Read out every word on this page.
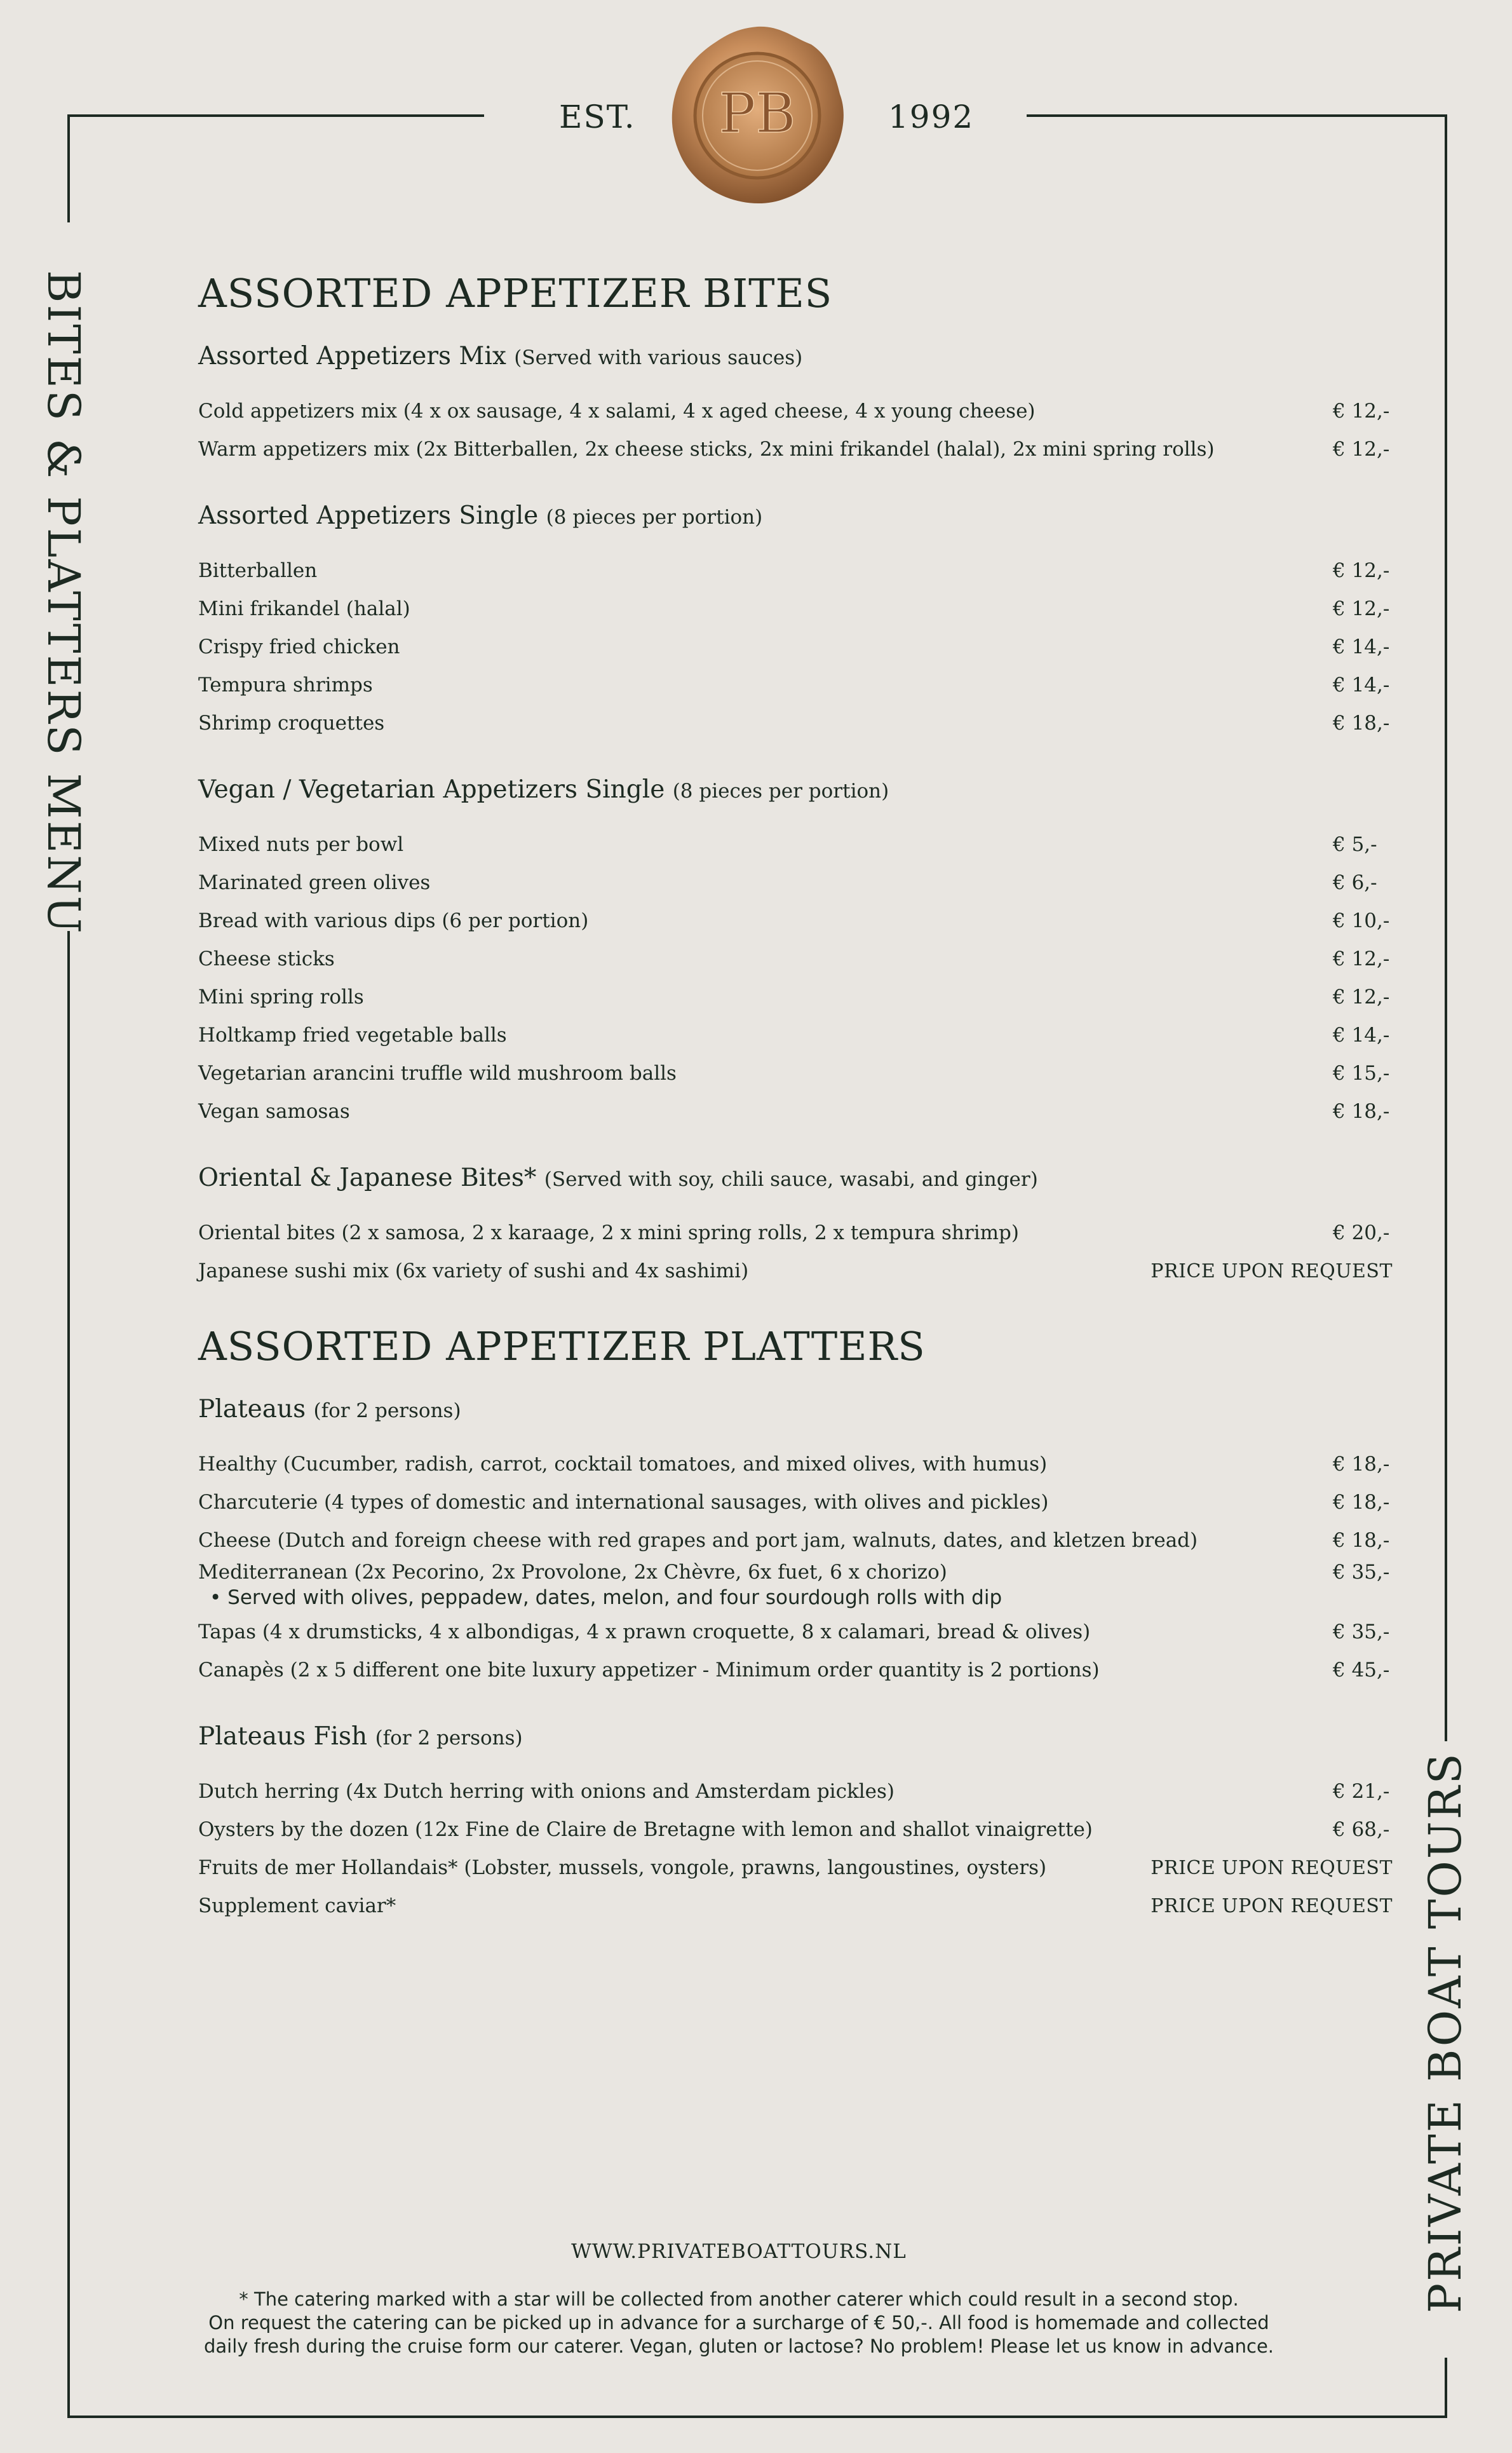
EST.	1992
PB
BITES & PLATTERS MENU
PRIVATE BOAT TOURS
ASSORTED APPETIZER BITES
Assorted Appetizers Mix (Served with various sauces)
Cold appetizers mix (4 x ox sausage, 4 x salami, 4 x aged cheese, 4 x young cheese)	€ 12,-
Warm appetizers mix (2x Bitterballen, 2x cheese sticks, 2x mini frikandel (halal), 2x mini spring rolls)	€ 12,-
Assorted Appetizers Single (8 pieces per portion)
Bitterballen	€ 12,-
Mini frikandel (halal)	€ 12,-
Crispy fried chicken	€ 14,-
Tempura shrimps	€ 14,-
Shrimp croquettes	€ 18,-
Vegan / Vegetarian Appetizers Single (8 pieces per portion)
Mixed nuts per bowl	€ 5,-
Marinated green olives	€ 6,-
Bread with various dips (6 per portion)	€ 10,-
Cheese sticks	€ 12,-
Mini spring rolls	€ 12,-
Holtkamp fried vegetable balls	€ 14,-
Vegetarian arancini truffle wild mushroom balls	€ 15,-
Vegan samosas	€ 18,-
Oriental & Japanese Bites* (Served with soy, chili sauce, wasabi, and ginger)
Oriental bites (2 x samosa, 2 x karaage, 2 x mini spring rolls, 2 x tempura shrimp)	€ 20,-
Japanese sushi mix (6x variety of sushi and 4x sashimi)	PRICE UPON REQUEST
ASSORTED APPETIZER PLATTERS
Plateaus (for 2 persons)
Healthy (Cucumber, radish, carrot, cocktail tomatoes, and mixed olives, with humus)	€ 18,-
Charcuterie (4 types of domestic and international sausages, with olives and pickles)	€ 18,-
Cheese (Dutch and foreign cheese with red grapes and port jam, walnuts, dates, and kletzen bread)	€ 18,-
Mediterranean (2x Pecorino, 2x Provolone, 2x Chèvre, 6x fuet, 6 x chorizo)	€ 35,-
• Served with olives, peppadew, dates, melon, and four sourdough rolls with dip
Tapas (4 x drumsticks, 4 x albondigas, 4 x prawn croquette, 8 x calamari, bread & olives)	€ 35,-
Canapès (2 x 5 different one bite luxury appetizer - Minimum order quantity is 2 portions)	€ 45,-
Plateaus Fish (for 2 persons)
Dutch herring (4x Dutch herring with onions and Amsterdam pickles)	€ 21,-
Oysters by the dozen (12x Fine de Claire de Bretagne with lemon and shallot vinaigrette)	€ 68,-
Fruits de mer Hollandais* (Lobster, mussels, vongole, prawns, langoustines, oysters)	PRICE UPON REQUEST
Supplement caviar*	PRICE UPON REQUEST
WWW.PRIVATEBOATTOURS.NL
* The catering marked with a star will be collected from another caterer which could result in a second stop.
On request the catering can be picked up in advance for a surcharge of € 50,-. All food is homemade and collected
daily fresh during the cruise form our caterer. Vegan, gluten or lactose? No problem! Please let us know in advance.
